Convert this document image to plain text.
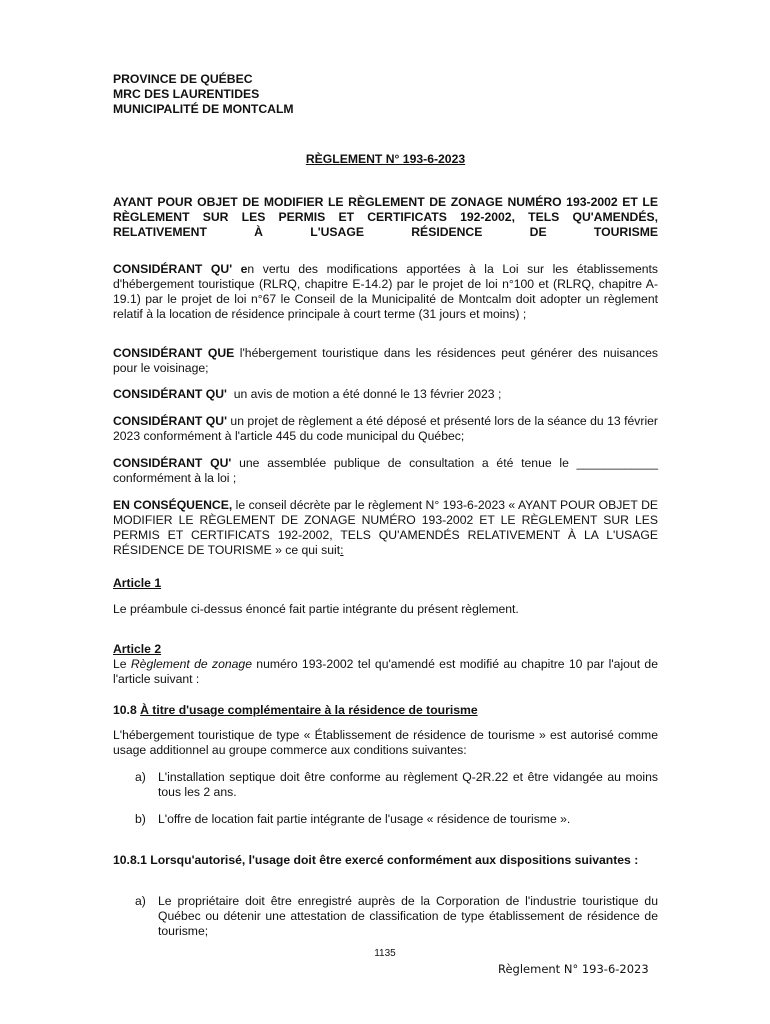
PROVINCE DE QUÉBEC
MRC DES LAURENTIDES
MUNICIPALITÉ DE MONTCALM
RÈGLEMENT N° 193-6-2023
AYANT POUR OBJET DE MODIFIER LE RÈGLEMENT DE ZONAGE NUMÉRO 193-2002 ET LE RÈGLEMENT SUR LES PERMIS ET CERTIFICATS 192-2002, TELS QU'AMENDÉS, RELATIVEMENT À L'USAGE RÉSIDENCE DE TOURISME
CONSIDÉRANT QU' en vertu des modifications apportées à la Loi sur les établissements d'hébergement touristique (RLRQ, chapitre E-14.2) par le projet de loi n°100 et (RLRQ, chapitre A-19.1) par le projet de loi n°67 le Conseil de la Municipalité de Montcalm doit adopter un règlement relatif à la location de résidence principale à court terme (31 jours et moins) ;
CONSIDÉRANT QUE l'hébergement touristique dans les résidences peut générer des nuisances pour le voisinage;
CONSIDÉRANT QU'  un avis de motion a été donné le 13 février 2023 ;
CONSIDÉRANT QU' un projet de règlement a été déposé et présenté lors de la séance du 13 février 2023 conformément à l'article 445 du code municipal du Québec;
CONSIDÉRANT QU' une assemblée publique de consultation a été tenue le ____________ conformément à la loi ;
EN CONSÉQUENCE, le conseil décrète par le règlement N° 193-6-2023 « AYANT POUR OBJET DE MODIFIER LE RÈGLEMENT DE ZONAGE NUMÉRO 193-2002 ET LE RÈGLEMENT SUR LES PERMIS ET CERTIFICATS 192-2002, TELS QU'AMENDÉS RELATIVEMENT À LA L'USAGE RÉSIDENCE DE TOURISME » ce qui suit:
Article 1
Le préambule ci-dessus énoncé fait partie intégrante du présent règlement.
Article 2
Le Règlement de zonage numéro 193-2002 tel qu'amendé est modifié au chapitre 10 par l'ajout de l'article suivant :
10.8 À titre d'usage complémentaire à la résidence de tourisme
L'hébergement touristique de type « Établissement de résidence de tourisme » est autorisé comme usage additionnel au groupe commerce aux conditions suivantes:
a) L'installation septique doit être conforme au règlement Q-2R.22 et être vidangée au moins tous les 2 ans.
b) L'offre de location fait partie intégrante de l'usage « résidence de tourisme ».
10.8.1 Lorsqu'autorisé, l'usage doit être exercé conformément aux dispositions suivantes :
a) Le propriétaire doit être enregistré auprès de la Corporation de l'industrie touristique du Québec ou détenir une attestation de classification de type établissement de résidence de tourisme;
1135
Règlement N° 193-6-2023
